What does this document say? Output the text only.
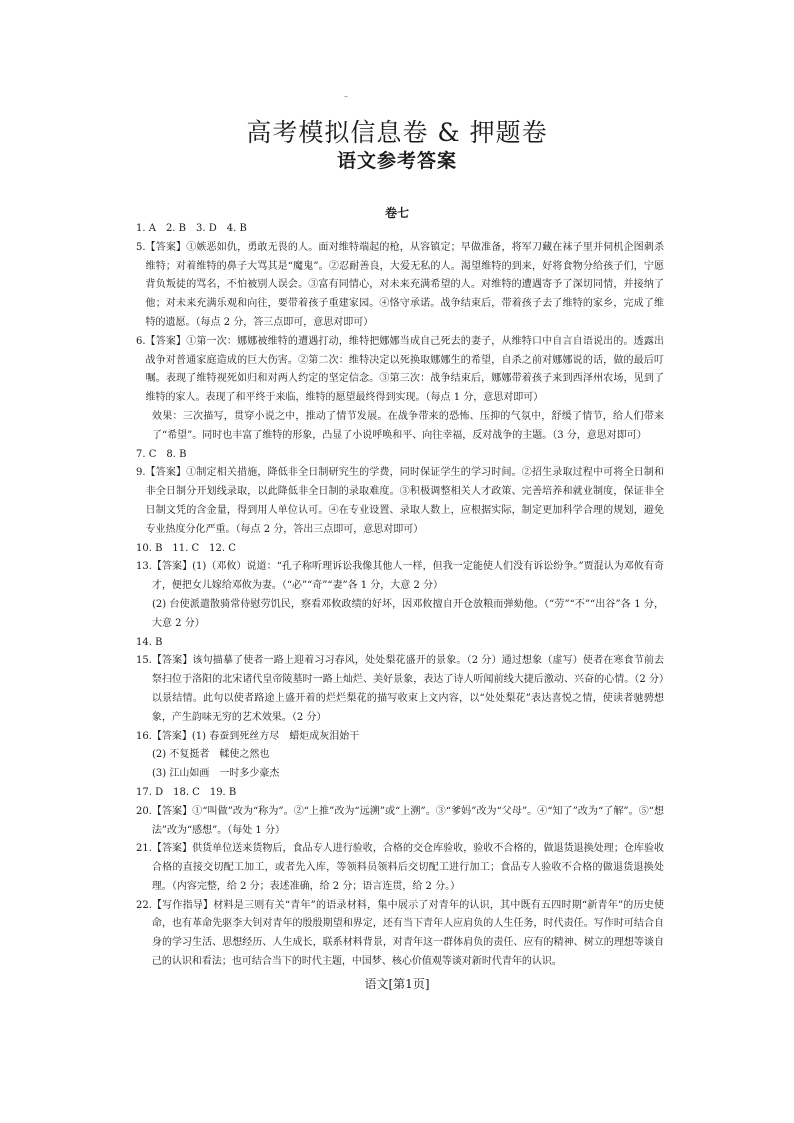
–
高考模拟信息卷 & 押题卷
语文参考答案
卷七
1. A　2. B　3. D　4. B
5. 【答案】①嫉恶如仇，勇敢无畏的人。面对维特端起的枪，从容镇定；早做准备，将军刀藏在袜子里并伺机企图刺杀维特；对着维特的鼻子大骂其是“魔鬼”。②忍耐善良，大爱无私的人。渴望维特的到来，好将食物分给孩子们，宁愿背负叛徒的骂名，不怕被别人误会。③富有同情心，对未来充满希望的人。对维特的遭遇寄予了深切同情，并接纳了他；对未来充满乐观和向往，要带着孩子重建家园。④恪守承诺。战争结束后，带着孩子去了维特的家乡，完成了维特的遗愿。（每点 2 分，答三点即可，意思对即可）
6. 【答案】①第一次：娜娜被维特的遭遇打动，维特把娜娜当成自己死去的妻子，从维特口中自言自语说出的。透露出战争对普通家庭造成的巨大伤害。②第二次：维特决定以死换取娜娜生的希望，自杀之前对娜娜说的话，做的最后叮嘱。表现了维特视死如归和对两人约定的坚定信念。③第三次：战争结束后，娜娜带着孩子来到西泽州农场，见到了维特的家人。表现了和平终于来临，维特的愿望最终得到实现。（每点 1 分，意思对即可）
效果：三次描写，贯穿小说之中，推动了情节发展。在战争带来的恐怖、压抑的气氛中，舒缓了情节，给人们带来了“希望”。同时也丰富了维特的形象，凸显了小说呼唤和平、向往幸福，反对战争的主题。（3 分，意思对即可）
7. C　8. B
9. 【答案】①制定相关措施，降低非全日制研究生的学费，同时保证学生的学习时间。②招生录取过程中可将全日制和非全日制分开划线录取，以此降低非全日制的录取难度。③积极调整相关人才政策、完善培养和就业制度，保证非全日制文凭的含金量，得到用人单位认可。④在专业设置、录取人数上，应根据实际，制定更加科学合理的规划，避免专业热度分化严重。（每点 2 分，答出三点即可，意思对即可）
10. B　11. C　12. C
13. 【答案】(1)（邓攸）说道：“孔子称听理诉讼我像其他人一样，但我一定能使人们没有诉讼纷争。”贾混认为邓攸有奇才，便把女儿嫁给邓攸为妻。（“必”“奇”“妻”各 1 分，大意 2 分）
(2) 台使派遣散骑常侍慰劳饥民，察看邓攸政绩的好坏，因邓攸擅自开仓放粮而弹劾他。（“劳”“不”“出谷”各 1 分，大意 2 分）
14. B
15. 【答案】该句描摹了使者一路上迎着习习春风，处处梨花盛开的景象。（2 分）通过想象（虚写）使者在寒食节前去祭扫位于洛阳的北宋诸代皇帝陵墓时一路上灿烂、美好景象，表达了诗人听闻前线大捷后激动、兴奋的心情。（2 分）以景结情。此句以使者路途上盛开着的烂烂梨花的描写收束上文内容，以“处处梨花”表达喜悦之情，使读者驰骋想象，产生韵味无穷的艺术效果。（2 分）
16. 【答案】(1) 春蚕到死丝方尽　蜡炬成灰泪始干
(2) 不复挺者　輮使之然也
(3) 江山如画　一时多少豪杰
17. D　18. C　19. B
20. 【答案】①“叫做”改为“称为”。②“上推”改为“远溯”或“上溯”。③“爹妈”改为“父母”。④“知了”改为“了解”。⑤“想法”改为“感想”。（每处 1 分）
21. 【答案】供货单位送来货物后，食品专人进行验收，合格的交仓库验收，验收不合格的，做退货退换处理；仓库验收合格的直接交切配工加工，或者先入库，等领料员领料后交切配工进行加工；食品专人验收不合格的做退货退换处理。（内容完整，给 2 分；表述准确，给 2 分；语言连贯，给 2 分。）
22. 【写作指导】材料是三则有关“青年”的语录材料，集中展示了对青年的认识，其中既有五四时期“新青年”的历史使命，也有革命先驱李大钊对青年的殷殷期望和界定，还有当下青年人应肩负的人生任务，时代责任。写作时可结合自身的学习生活、思想经历、人生成长，联系材料背景，对青年这一群体肩负的责任、应有的精神、树立的理想等谈自己的认识和看法；也可结合当下的时代主题，中国梦、核心价值观等谈对新时代青年的认识。
语文[第1页]
